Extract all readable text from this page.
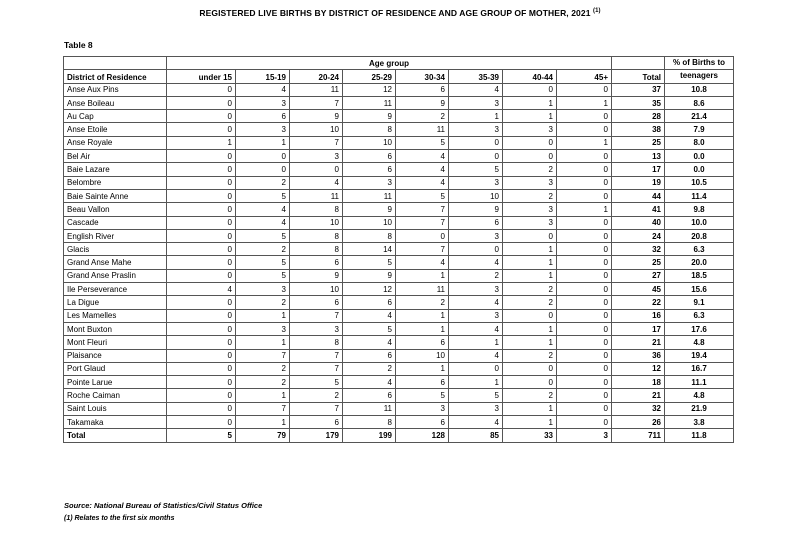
REGISTERED LIVE BIRTHS BY DISTRICT OF RESIDENCE AND AGE GROUP OF MOTHER, 2021 $^{(1)}$
Table 8
	Age group									% of Births to
District of Residence	under 15	15-19	20-24	25-29	30-34	35-39	40-44	45+	Total	teenagers
Anse Aux Pins	0	4	11	12	6	4	0	0	37	10.8
Anse Boileau	0	3	7	11	9	3	1	1	35	8.6
Au Cap	0	6	9	9	2	1	1	0	28	21.4
Anse Etoile	0	3	10	8	11	3	3	0	38	7.9
Anse Royale	1	1	7	10	5	0	0	1	25	8.0
Bel Air	0	0	3	6	4	0	0	0	13	0.0
Baie Lazare	0	0	0	6	4	5	2	0	17	0.0
Belombre	0	2	4	3	4	3	3	0	19	10.5
Baie Sainte Anne	0	5	11	11	5	10	2	0	44	11.4
Beau Vallon	0	4	8	9	7	9	3	1	41	9.8
Cascade	0	4	10	10	7	6	3	0	40	10.0
English River	0	5	8	8	0	3	0	0	24	20.8
Glacis	0	2	8	14	7	0	1	0	32	6.3
Grand Anse Mahe	0	5	6	5	4	4	1	0	25	20.0
Grand Anse Praslin	0	5	9	9	1	2	1	0	27	18.5
Ile Perseverance	4	3	10	12	11	3	2	0	45	15.6
La Digue	0	2	6	6	2	4	2	0	22	9.1
Les Mamelles	0	1	7	4	1	3	0	0	16	6.3
Mont Buxton	0	3	3	5	1	4	1	0	17	17.6
Mont Fleuri	0	1	8	4	6	1	1	0	21	4.8
Plaisance	0	7	7	6	10	4	2	0	36	19.4
Port Glaud	0	2	7	2	1	0	0	0	12	16.7
Pointe Larue	0	2	5	4	6	1	0	0	18	11.1
Roche Caiman	0	1	2	6	5	5	2	0	21	4.8
Saint Louis	0	7	7	11	3	3	1	0	32	21.9
Takamaka	0	1	6	8	6	4	1	0	26	3.8
Total	5	79	179	199	128	85	33	3	711	11.8
Source: National Bureau of Statistics/Civil Status Office
(1) Relates to the first six months
